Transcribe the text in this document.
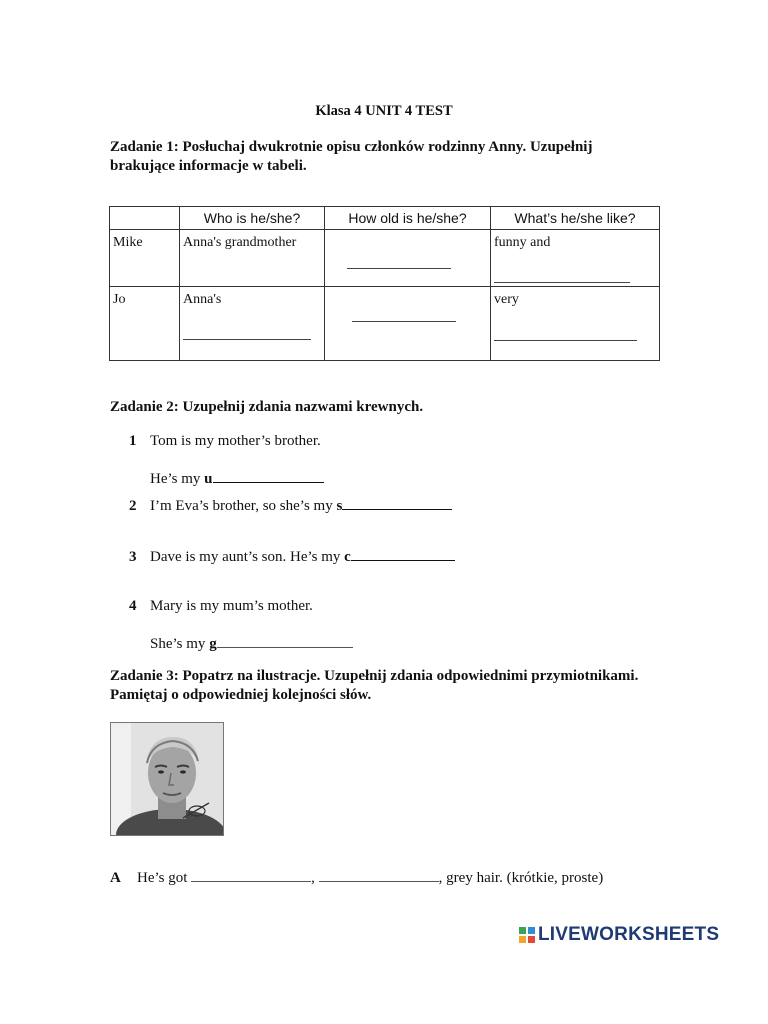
Klasa 4 UNIT 4 TEST
Zadanie 1: Posłuchaj dwukrotnie opisu członków rodzinny Anny. Uzupełnij brakujące informacje w tabeli.
	Who is he/she?	How old is he/she?	What’s he/she like?

Mike	Anna's grandmother		funny and

Jo	Anna's		very
Zadanie 2: Uzupełnij zdania nazwami krewnych.
1 Tom is my mother’s brother.
He’s my u
2 I’m Eva’s brother, so she’s my s
3 Dave is my aunt’s son. He’s my c
4 Mary is my mum’s mother.
She’s my g
Zadanie 3: Popatrz na ilustracje. Uzupełnij zdania odpowiednimi przymiotnikami. Pamiętaj o odpowiedniej kolejności słów.
A He’s got	,	, grey hair. (krótkie, proste)
LIVEWORKSHEETS
